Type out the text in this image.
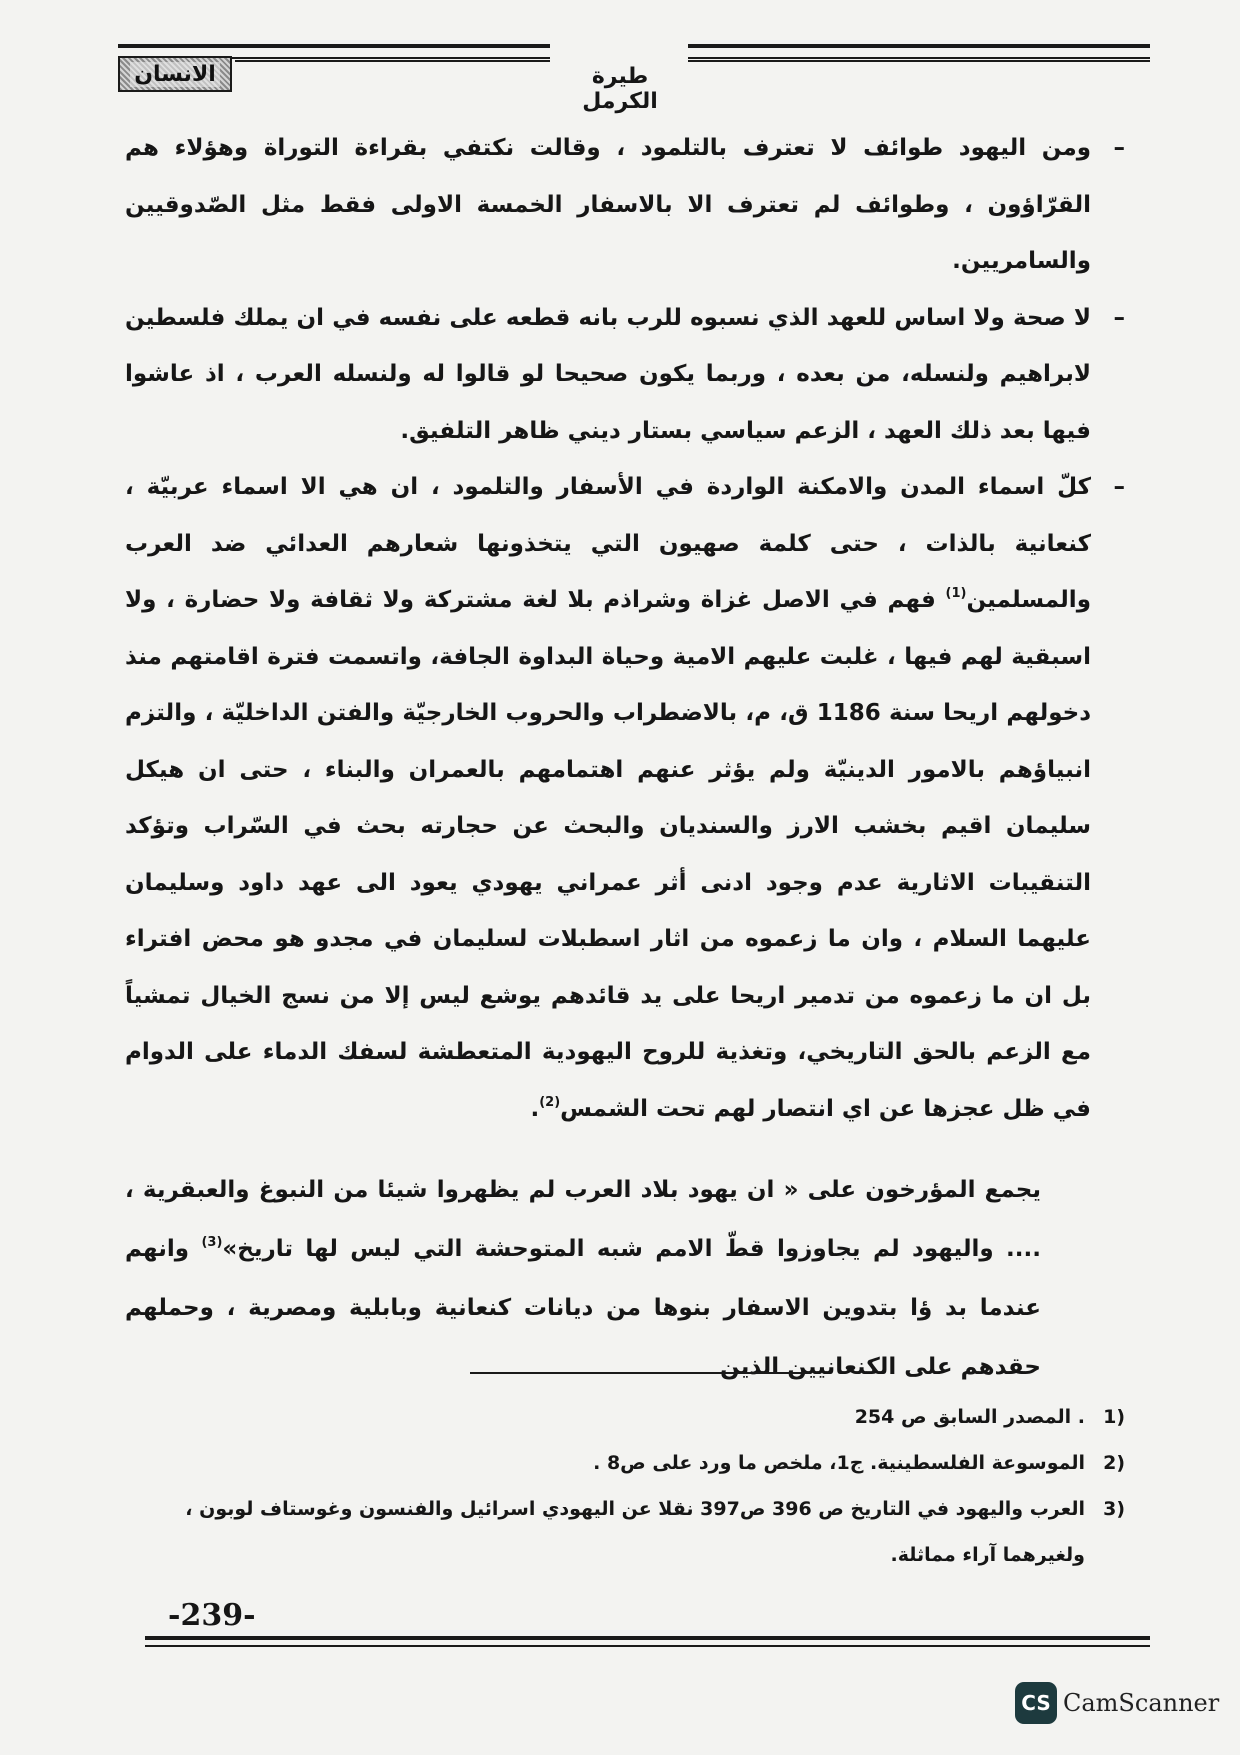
الانسان	طيرة الكرمل

–ومن اليهود طوائف لا تعترف بالتلمود ، وقالت نكتفي بقراءة التوراة وهؤلاء هم القرّاؤون ، وطوائف لم تعترف الا بالاسفار الخمسة الاولى فقط مثل الصّدوقيين والسامريين.

–لا صحة ولا اساس للعهد الذي نسبوه للرب بانه قطعه على نفسه في ان يملك فلسطين لابراهيم ولنسله، من بعده ، وربما يكون صحيحا لو قالوا له ولنسله العرب ، اذ عاشوا فيها بعد ذلك العهد ، الزعم سياسي بستار ديني ظاهر التلفيق.

–كلّ اسماء المدن والامكنة الواردة في الأسفار والتلمود ، ان هي الا اسماء عربيّة ، كنعانية بالذات ، حتى كلمة صهيون التي يتخذونها شعارهم العدائي ضد العرب والمسلمين$^{(1)}$ فهم في الاصل غزاة وشراذم بلا لغة مشتركة ولا ثقافة ولا حضارة ، ولا اسبقية لهم فيها ، غلبت عليهم الامية وحياة البداوة الجافة، واتسمت فترة اقامتهم منذ دخولهم اريحا سنة 1186 ق، م، بالاضطراب والحروب الخارجيّة والفتن الداخليّة ، والتزم انبياؤهم بالامور الدينيّة ولم يؤثر عنهم اهتمامهم بالعمران والبناء ، حتى ان هيكل سليمان اقيم بخشب الارز والسنديان والبحث عن حجارته بحث في السّراب وتؤكد التنقيبات الاثارية عدم وجود ادنى أثر عمراني يهودي يعود الى عهد داود وسليمان عليهما السلام ، وان ما زعموه من اثار اسطبلات لسليمان في مجدو هو محض افتراء بل ان ما زعموه من تدمير اريحا على يد قائدهم يوشع ليس إلا من نسج الخيال تمشياً مع الزعم بالحق التاريخي، وتغذية للروح اليهودية المتعطشة لسفك الدماء على الدوام في ظل عجزها عن اي انتصار لهم تحت الشمس$^{(2)}$.

يجمع المؤرخون على « ان يهود بلاد العرب لم يظهروا شيئا من النبوغ والعبقرية ، .... واليهود لم يجاوزوا قطّ الامم شبه المتوحشة التي ليس لها تاريخ»$^{(3)}$ وانهم عندما بد ؤا بتدوين الاسفار بنوها من ديانات كنعانية وبابلية ومصرية ، وحملهم حقدهم على الكنعانيين الذين

(1
. المصدر السابق ص 254
(2
الموسوعة الفلسطينية. ج1، ملخص ما ورد على ص8 .
(3
العرب واليهود في التاريخ ص 396 ص397 نقلا عن اليهودي اسرائيل والفنسون وغوستاف لوبون ، ولغيرهما آراء مماثلة.
-239-
CS CamScanner
